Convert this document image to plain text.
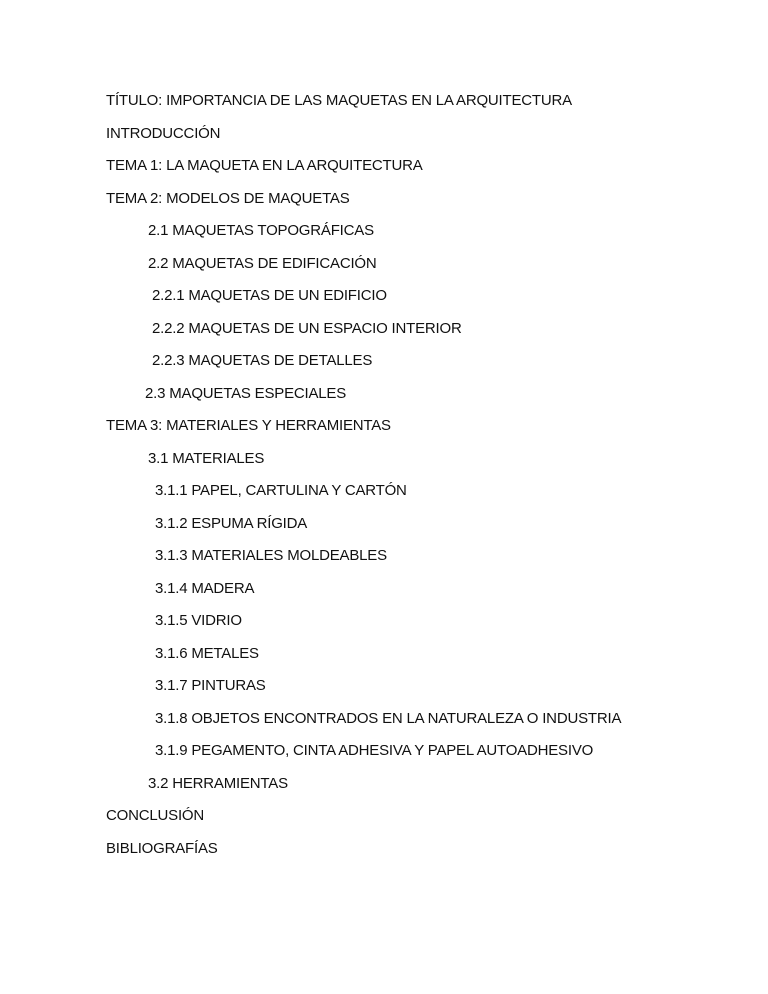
TÍTULO: IMPORTANCIA DE LAS MAQUETAS EN LA ARQUITECTURA
INTRODUCCIÓN
TEMA 1: LA MAQUETA EN LA ARQUITECTURA
TEMA 2: MODELOS DE MAQUETAS
2.1 MAQUETAS TOPOGRÁFICAS
2.2 MAQUETAS DE EDIFICACIÓN
2.2.1 MAQUETAS DE UN EDIFICIO
2.2.2 MAQUETAS DE UN ESPACIO INTERIOR
2.2.3 MAQUETAS DE DETALLES
2.3 MAQUETAS ESPECIALES
TEMA 3: MATERIALES Y HERRAMIENTAS
3.1 MATERIALES
3.1.1 PAPEL, CARTULINA Y CARTÓN
3.1.2 ESPUMA RÍGIDA
3.1.3 MATERIALES MOLDEABLES
3.1.4 MADERA
3.1.5 VIDRIO
3.1.6 METALES
3.1.7 PINTURAS
3.1.8 OBJETOS ENCONTRADOS EN LA NATURALEZA O INDUSTRIA
3.1.9 PEGAMENTO, CINTA ADHESIVA Y PAPEL AUTOADHESIVO
3.2 HERRAMIENTAS
CONCLUSIÓN
BIBLIOGRAFÍAS
